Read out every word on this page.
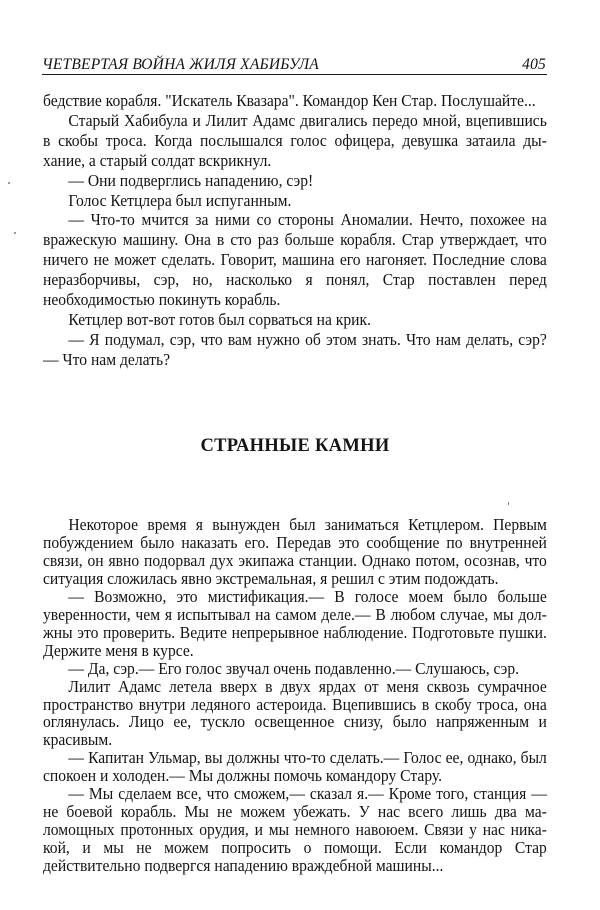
ЧЕТВЕРТАЯ ВОЙНА ЖИЛЯ ХАБИБУЛА	405

бедствие корабля. "Искатель Квазара". Командор Кен Стар. Послушайте...

Старый Хабибула и Лилит Адамс двигались передо мной, вцепившись в скобы троса. Когда послышался голос офицера, девушка затаила дыхание, а старый солдат вскрикнул.

— Они подверглись нападению, сэр!

Голос Кетцлера был испуганным.

— Что-то мчится за ними со стороны Аномалии. Нечто, похожее на вражескую машину. Она в сто раз больше корабля. Стар утверждает, что ничего не может сделать. Говорит, машина его нагоняет. Последние слова неразборчивы, сэр, но, насколько я понял, Стар поставлен перед необходимостью покинуть корабль.

Кетцлер вот-вот готов был сорваться на крик.

— Я подумал, сэр, что вам нужно об этом знать. Что нам делать, сэр? — Что нам делать?

СТРАННЫЕ КАМНИ

Некоторое время я вынужден был заниматься Кетцлером. Первым побуждением было наказать его. Передав это сообщение по внутренней связи, он явно подорвал дух экипажа станции. Однако потом, осознав, что ситуация сложилась явно экстремальная, я решил с этим подождать.

— Возможно, это мистификация.— В голосе моем было больше уверенности, чем я испытывал на самом деле.— В любом случае, мы должны это проверить. Ведите непрерывное наблюдение. Подготовьте пушки. Держите меня в курсе.

— Да, сэр.— Его голос звучал очень подавленно.— Слушаюсь, сэр.

Лилит Адамс летела вверх в двух ярдах от меня сквозь сумрачное пространство внутри ледяного астероида. Вцепившись в скобу троса, она оглянулась. Лицо ее, тускло освещенное снизу, было напряженным и красивым.

— Капитан Ульмар, вы должны что-то сделать.— Голос ее, однако, был спокоен и холоден.— Мы должны помочь командору Стару.

— Мы сделаем все, что сможем,— сказал я.— Кроме того, станция — не боевой корабль. Мы не можем убежать. У нас всего лишь два маломощных протонных орудия, и мы немного навоюем. Связи у нас никакой, и мы не можем попросить о помощи. Если командор Стар действительно подвергся нападению враждебной машины...
